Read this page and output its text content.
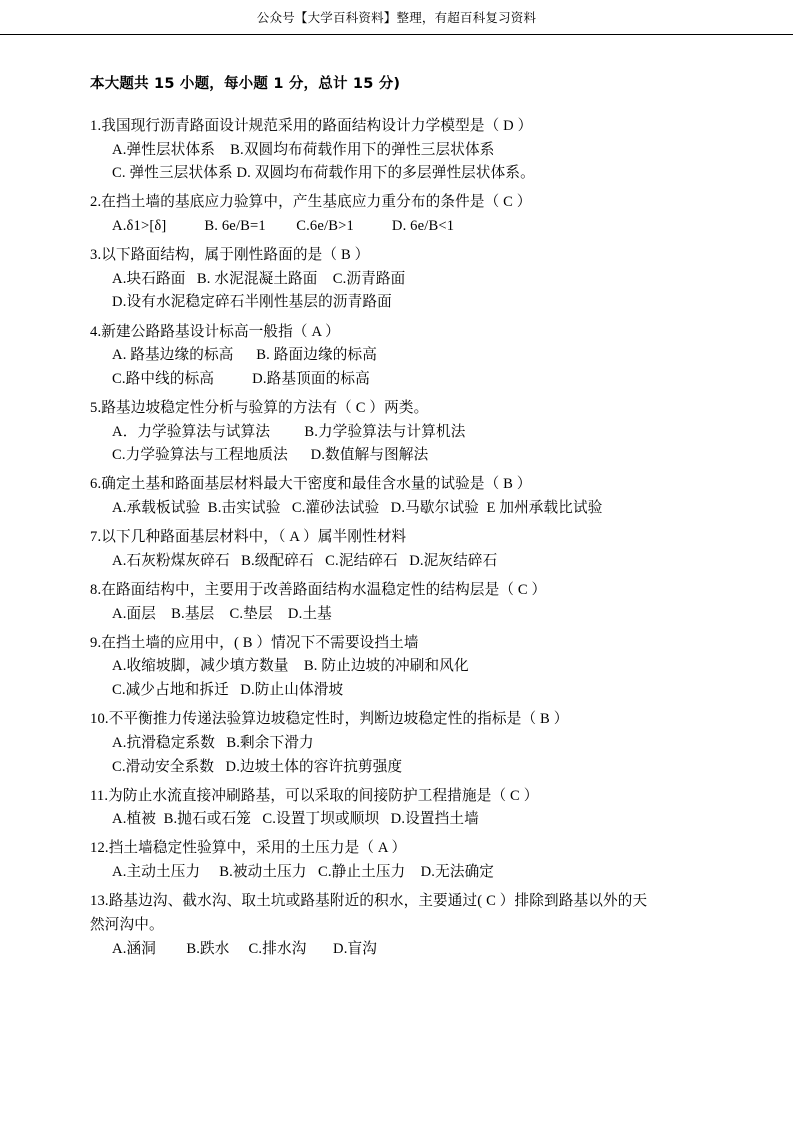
公众号【大学百科资料】整理，有超百科复习资料
本大题共 15 小题，每小题 1 分，总计 15 分)

1.我国现行沥青路面设计规范采用的路面结构设计力学模型是（ D ）

A.弹性层状体系    B.双圆均布荷载作用下的弹性三层状体系

C. 弹性三层状体系 D. 双圆均布荷载作用下的多层弹性层状体系。

2.在挡土墙的基底应力验算中，产生基底应力重分布的条件是（ C ）

A.δ1>[δ]          B. 6e/B=1        C.6e/B>1          D. 6e/B<1

3.以下路面结构，属于刚性路面的是（ B ）

A.块石路面   B. 水泥混凝土路面    C.沥青路面

D.设有水泥稳定碎石半刚性基层的沥青路面

4.新建公路路基设计标高一般指（ A ）

A. 路基边缘的标高      B. 路面边缘的标高

C.路中线的标高          D.路基顶面的标高

5.路基边坡稳定性分析与验算的方法有（ C ）两类。

A．力学验算法与试算法         B.力学验算法与计算机法

C.力学验算法与工程地质法      D.数值解与图解法

6.确定土基和路面基层材料最大干密度和最佳含水量的试验是（ B ）

A.承载板试验  B.击实试验   C.灌砂法试验   D.马歇尔试验  E 加州承载比试验

7.以下几种路面基层材料中，（ A ）属半刚性材料

A.石灰粉煤灰碎石   B.级配碎石   C.泥结碎石   D.泥灰结碎石

8.在路面结构中，主要用于改善路面结构水温稳定性的结构层是（ C ）

A.面层    B.基层    C.垫层    D.土基

9.在挡土墙的应用中，( B ）情况下不需要设挡土墙

A.收缩坡脚，减少填方数量    B. 防止边坡的冲刷和风化

C.减少占地和拆迁   D.防止山体滑坡

10.不平衡推力传递法验算边坡稳定性时，判断边坡稳定性的指标是（ B ）

A.抗滑稳定系数   B.剩余下滑力

C.滑动安全系数   D.边坡土体的容许抗剪强度

11.为防止水流直接冲刷路基，可以采取的间接防护工程措施是（ C ）

A.植被  B.抛石或石笼   C.设置丁坝或顺坝   D.设置挡土墙

12.挡土墙稳定性验算中，采用的土压力是（ A ）

A.主动土压力     B.被动土压力   C.静止土压力    D.无法确定

13.路基边沟、截水沟、取土坑或路基附近的积水，主要通过( C ）排除到路基以外的天

然河沟中。

A.涵洞        B.跌水     C.排水沟       D.盲沟
